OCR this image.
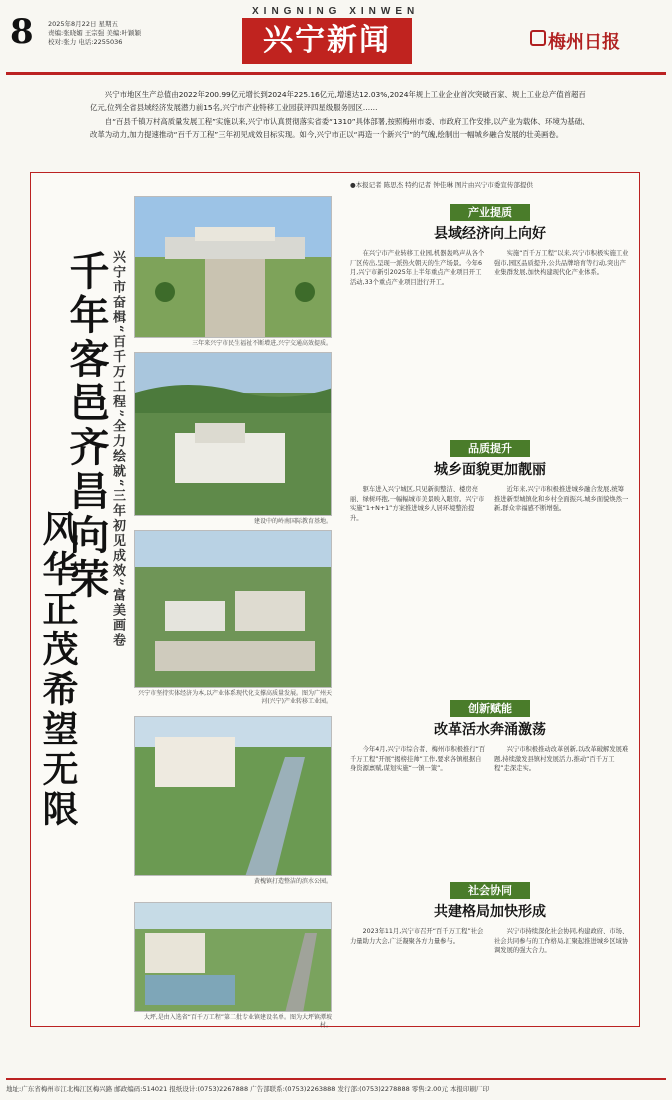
8 2025年8月22日 星期五
责编:张晓媚 王宗强 美编:叶颖颖
校对:张力 电话:2255036
XINGNING XINWEN
兴宁新闻	梅州日报

兴宁市地区生产总值由2022年200.99亿元增长到2024年225.16亿元,增速达12.03%,2024年规上工业企业首次突破百家、规上工业总产值首超百亿元,位列全省县域经济发展潜力前15名,兴宁市产业特移工业园获评四星级服务园区……

自“百县千镇万村高质量发展工程”实施以来,兴宁市认真贯彻落实省委“1310”具体部署,按照梅州市委、市政府工作安排,以产业为载体、环境为基础、改革为动力,加力提速推动“百千万工程”三年初见成效目标实现。如今,兴宁市正以“再造一个新兴宁”的气魄,绘制出一幅城乡融合发展的壮美画卷。

千年客邑齐昌向荣
风华正茂希望无限
兴宁市奋楫“百千万工程”全力绘就“三年初见成效”富美画卷	三年来兴宁市民生福祉不断增进,兴宁交通高效提质。
建设中的岭南国际教育基地。
兴宁市坚持实体经济为本,以产业体系现代化支撑高质量发展。图为广州天河(兴宁)产业转移工业园。
黄槐镇打造整洁的滨水公园。
大坪,是由入选省“百千万工程”第二批专业镇建设名单。图为大坪镇潭坡村。
●本报记者 陈思杰 特约记者 钟佳琳 图片由兴宁市委宣传部提供
产业提质
县域经济向上向好
在兴宁市产业转移工业园,机器轰鸣声从各个厂区传出,呈现一派热火朝天的生产场景。今年6月,兴宁市新引2025年上半年重点产业项目开工活动,33个重点产业项目进行开工。
实施“百千万工程”以来,兴宁市积极实施工业强市,园区品质提升,公共品牌培育等行动,突出产业集群发展,加快构建现代化产业体系。
品质提升
城乡面貌更加靓丽
驱车进入兴宁城区,只见新街整洁、楼房亮丽、绿树环抱,一幅幅城市美景映入眼帘。兴宁市实施“1+N+1”方案推进城乡人居环境整治提升。
近年来,兴宁市积极推进城乡融合发展,统筹推进新型城镇化和乡村全面振兴,城乡面貌焕然一新,群众幸福感不断增强。
创新赋能
改革活水奔涌激荡
今年4月,兴宁市综合者、梅州市积极推行“百千万工程”开展“揭榜挂帅”工作,要求各镇根据自身资源禀赋,谋划实施“一镇一策”。
兴宁市积极推动改革创新,以改革破解发展难题,持续激发县镇村发展活力,推动“百千万工程”走深走实。
社会协同
共建格局加快形成
2023年11月,兴宁市召开“百千万工程”社会力量助力大会,广泛凝聚各方力量参与。
兴宁市持续深化社会协同,构建政府、市场、社会共同参与的工作格局,汇聚起推进城乡区域协调发展的强大合力。
地址:广东省梅州市江北梅江区梅兴路 邮政编码:514021 报纸设计:(0753)2267888 广告部联系:(0753)2263888 发行部:(0753)2278888 零售:2.00元 本报印刷厂印
